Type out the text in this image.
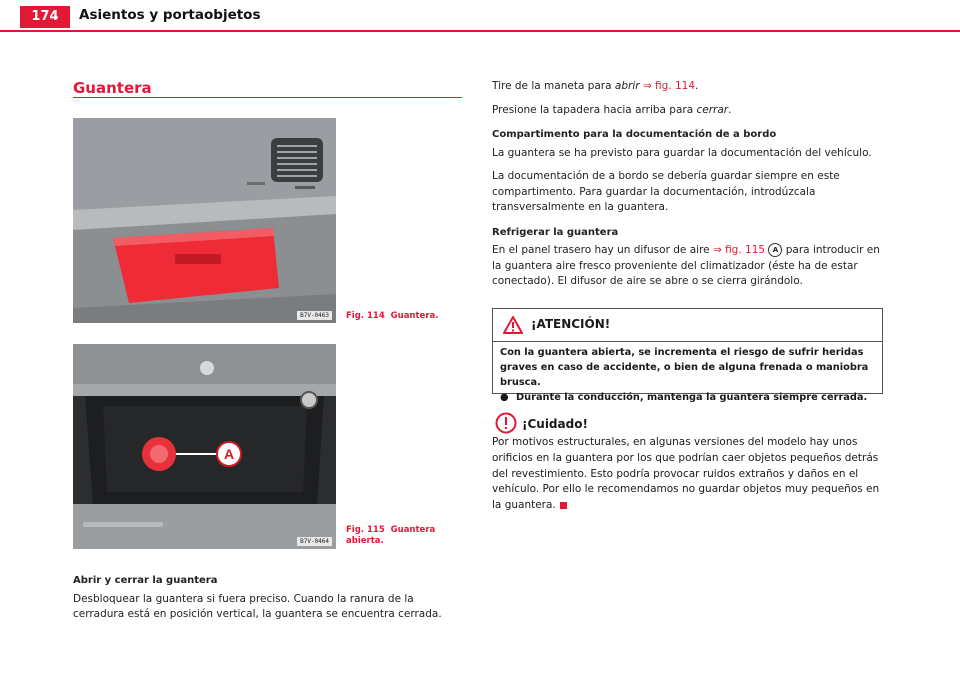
174	Asientos y portaobjetos
Guantera
B7V-0463	Fig. 114 Guantera.
A
B7V-0464
Fig. 115 Guantera abierta.

Abrir y cerrar la guantera

Desbloquear la guantera si fuera preciso. Cuando la ranura de la cerradura está en posición vertical, la guantera se encuentra cerrada.

Tire de la maneta para abrir ⇒ fig. 114.

Presione la tapadera hacia arriba para cerrar.

Compartimento para la documentación de a bordo

La guantera se ha previsto para guardar la documentación del vehículo.

La documentación de a bordo se debería guardar siempre en este compartimento. Para guardar la documentación, introdúzcala transversalmente en la guantera.

Refrigerar la guantera

En el panel trasero hay un difusor de aire ⇒ fig. 115 A para introducir en la guantera aire fresco proveniente del climatizador (éste ha de estar conectado). El difusor de aire se abre o se cierra girándolo.

¡ATENCIÓN!

Con la guantera abierta, se incrementa el riesgo de sufrir heridas graves en caso de accidente, o bien de alguna frenada o maniobra brusca.

● Durante la conducción, mantenga la guantera siempre cerrada.

¡Cuidado!
Por motivos estructurales, en algunas versiones del modelo hay unos orificios en la guantera por los que podrían caer objetos pequeños detrás del revestimiento. Esto podría provocar ruidos extraños y daños en el vehículo. Por ello le recomendamos no guardar objetos muy pequeños en la guantera.
